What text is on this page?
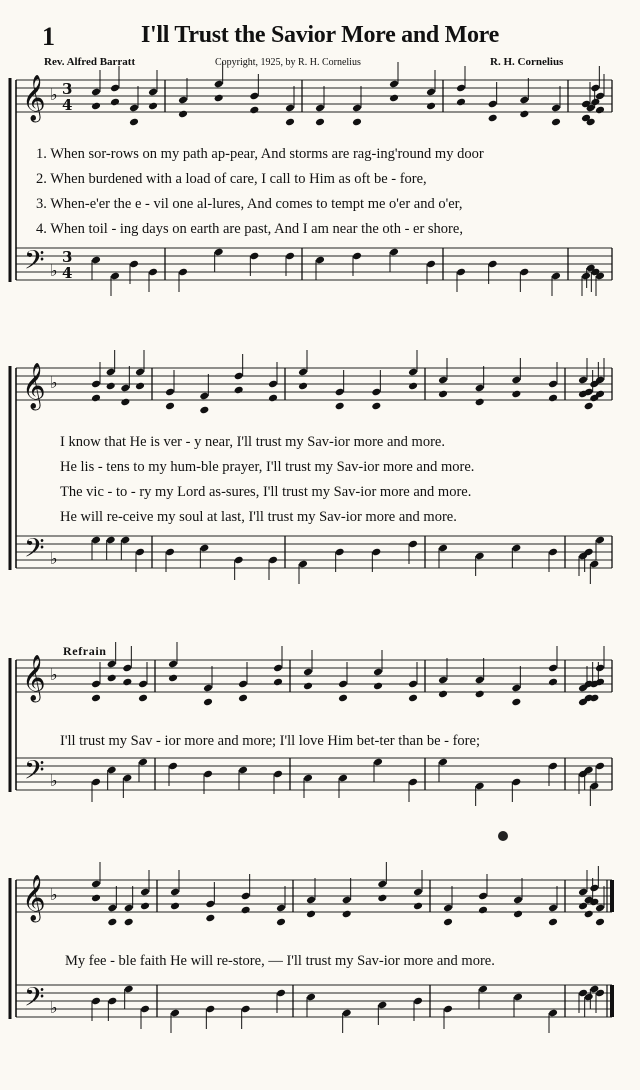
1	I'll Trust the Savior More and More
Rev. Alfred Barratt	Copyright, 1925, by R. H. Cornelius	R. H. Cornelius
𝄞 ♭ 3
4
𝄢 ♭
3
4
𝄞 ♭
𝄢 ♭
𝄞 ♭
𝄢 ♭
𝄞 ♭
𝄢 ♭
1. When sor-rows on my path ap-pear, And storms are rag-ing'round my door
2. When burdened with a load of care, I call to Him as oft be - fore,
3. When-e'er the e - vil one al-lures, And comes to tempt me o'er and o'er,
4. When toil - ing days on earth are past, And I am near the oth - er shore,
I know that He is ver - y near, I'll trust my Sav-ior more and more.
He lis - tens to my hum-ble prayer, I'll trust my Sav-ior more and more.
The vic - to - ry my Lord as-sures, I'll trust my Sav-ior more and more.
He will re-ceive my soul at last, I'll trust my Sav-ior more and more.
Refrain
I'll trust my Sav - ior more and more; I'll love Him bet-ter than be - fore;
My fee - ble faith He will re-store, — I'll trust my Sav-ior more and more.
